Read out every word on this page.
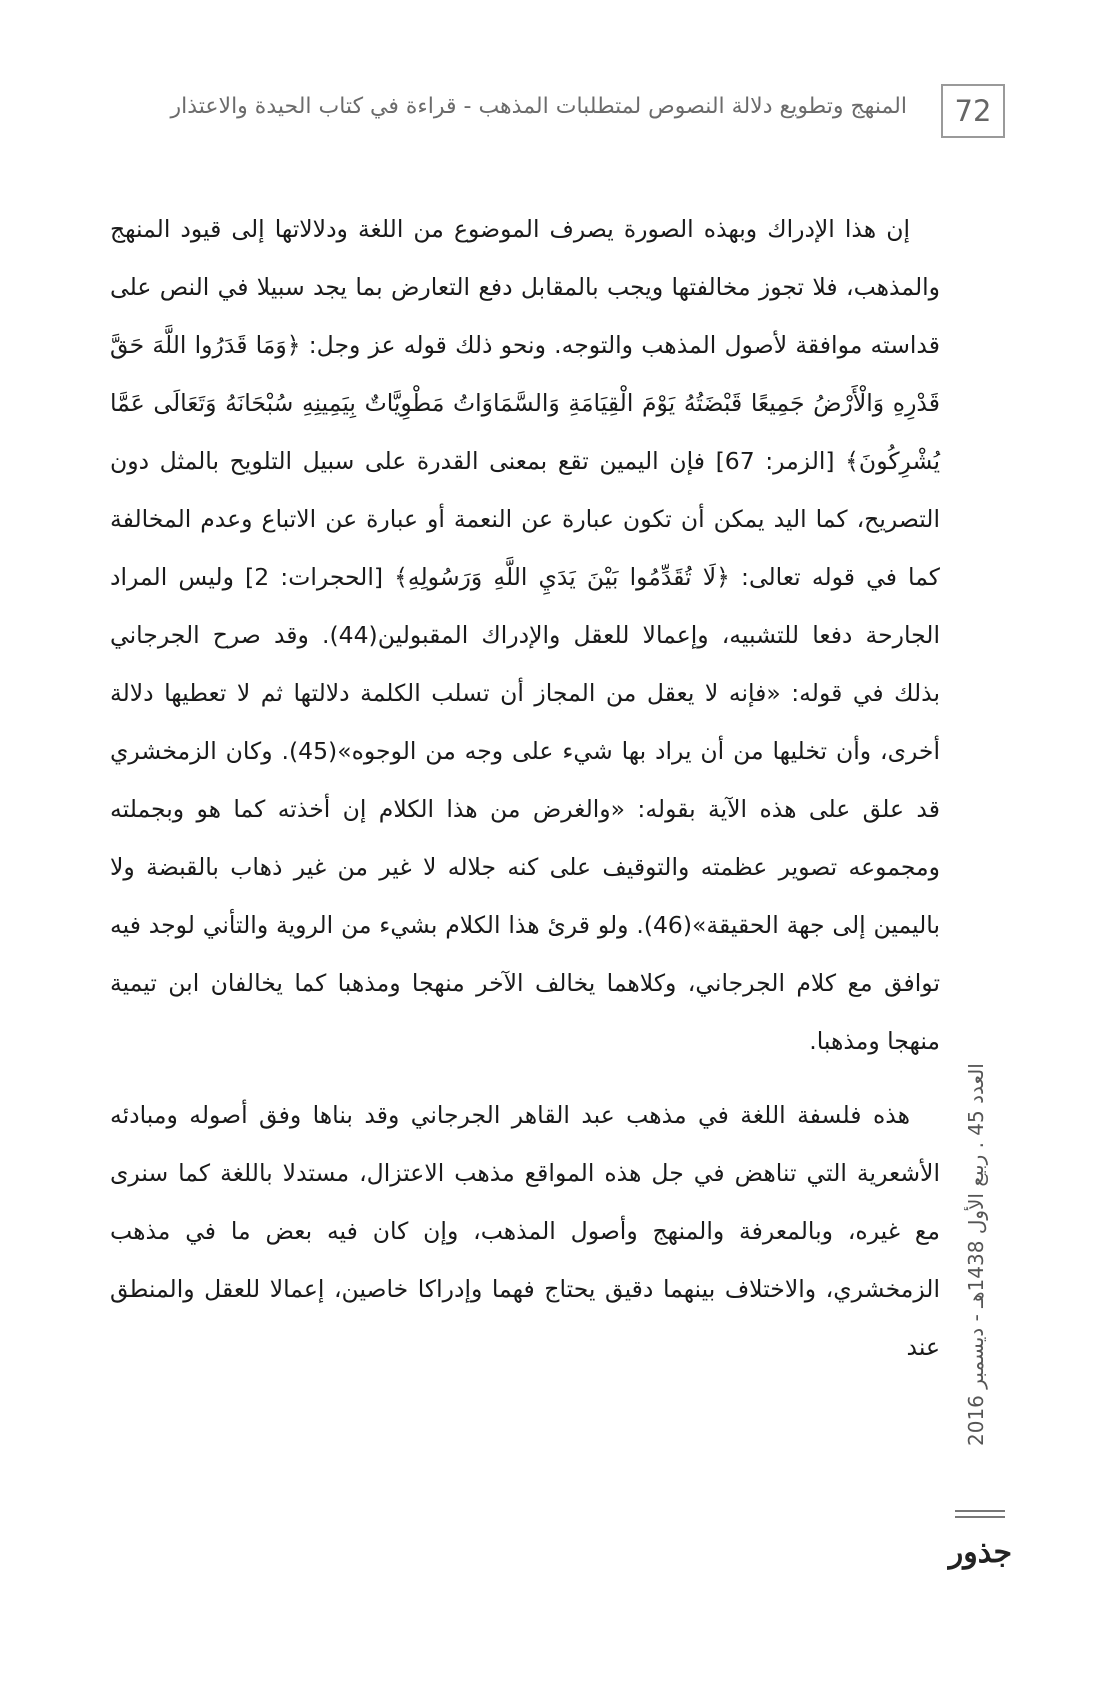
72
المنهج وتطويع دلالة النصوص لمتطلبات المذهب - قراءة في كتاب الحيدة والاعتذار

إن هذا الإدراك وبهذه الصورة يصرف الموضوع من اللغة ودلالاتها إلى قيود المنهج والمذهب، فلا تجوز مخالفتها ويجب بالمقابل دفع التعارض بما يجد سبيلا في النص على قداسته موافقة لأصول المذهب والتوجه. ونحو ذلك قوله عز وجل: ﴿وَمَا قَدَرُوا اللَّهَ حَقَّ قَدْرِهِ وَالْأَرْضُ جَمِيعًا قَبْضَتُهُ يَوْمَ الْقِيَامَةِ وَالسَّمَاوَاتُ مَطْوِيَّاتٌ بِيَمِينِهِ سُبْحَانَهُ وَتَعَالَى عَمَّا يُشْرِكُونَ﴾ [الزمر: 67] فإن اليمين تقع بمعنى القدرة على سبيل التلويح بالمثل دون التصريح، كما اليد يمكن أن تكون عبارة عن النعمة أو عبارة عن الاتباع وعدم المخالفة كما في قوله تعالى: ﴿لَا تُقَدِّمُوا بَيْنَ يَدَيِ اللَّهِ وَرَسُولِهِ﴾ [الحجرات: 2] وليس المراد الجارحة دفعا للتشبيه، وإعمالا للعقل والإدراك المقبولين(44). وقد صرح الجرجاني بذلك في قوله: «فإنه لا يعقل من المجاز أن تسلب الكلمة دلالتها ثم لا تعطيها دلالة أخرى، وأن تخليها من أن يراد بها شيء على وجه من الوجوه»(45). وكان الزمخشري قد علق على هذه الآية بقوله: «والغرض من هذا الكلام إن أخذته كما هو وبجملته ومجموعه تصوير عظمته والتوقيف على كنه جلاله لا غير من غير ذهاب بالقبضة ولا باليمين إلى جهة الحقيقة»(46). ولو قرئ هذا الكلام بشيء من الروية والتأني لوجد فيه توافق مع كلام الجرجاني، وكلاهما يخالف الآخر منهجا ومذهبا كما يخالفان ابن تيمية منهجا ومذهبا.

هذه فلسفة اللغة في مذهب عبد القاهر الجرجاني وقد بناها وفق أصوله ومبادئه الأشعرية التي تناهض في جل هذه المواقع مذهب الاعتزال، مستدلا باللغة كما سنرى مع غيره، وبالمعرفة والمنهج وأصول المذهب، وإن كان فيه بعض ما في مذهب الزمخشري، والاختلاف بينهما دقيق يحتاج فهما وإدراكا خاصين، إعمالا للعقل والمنطق عند

العدد 45 . ربيع الأول 1438هـ - ديسمبر 2016
جذور
